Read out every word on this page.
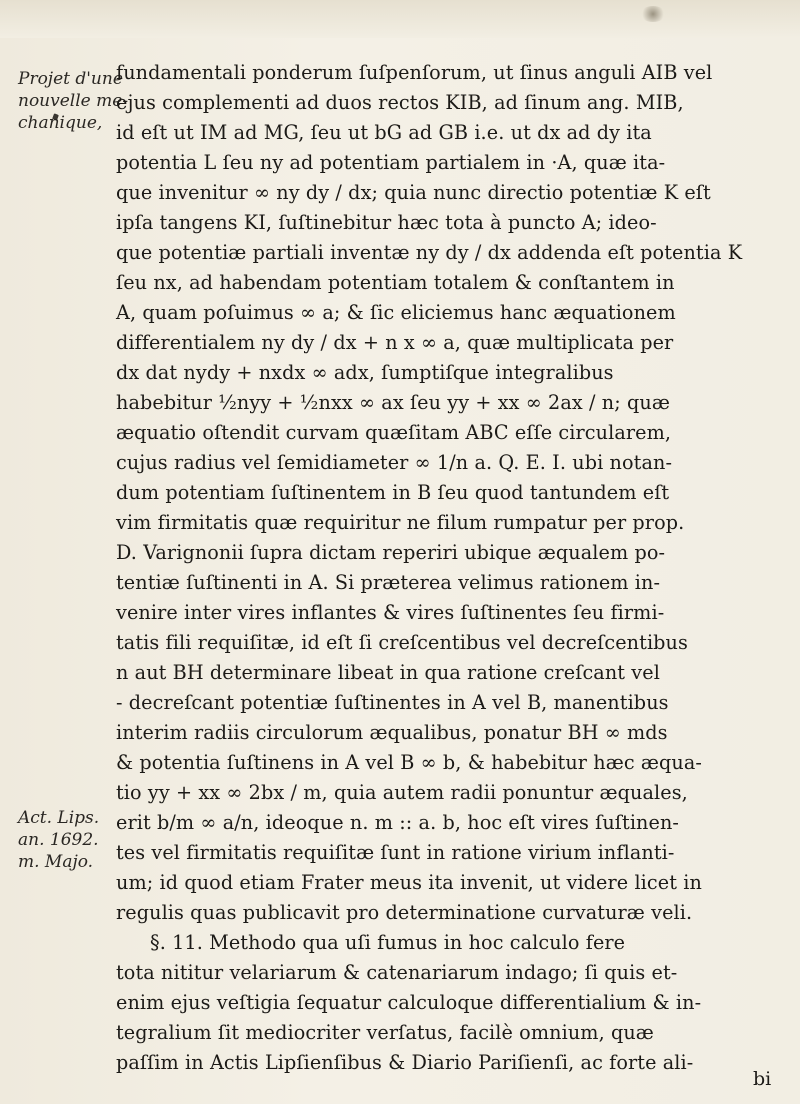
Projet d'une
nouvelle me-
chanique,
Act. Lips.
an. 1692.
m. Majo.
fundamentali ponderum ſuſpenſorum, ut ſinus anguli AIB vel
ejus complementi ad duos rectos KIB, ad ſinum ang. MIB,
id eſt ut IM ad MG, ſeu ut bG ad GB i.e. ut dx ad dy ita
potentia L ſeu ny ad potentiam partialem in ·A, quæ ita-
que invenitur ∞ ny dy / dx; quia nunc directio potentiæ K eſt
ipſa tangens KI, ſuſtinebitur hæc tota à puncto A; ideo-
que potentiæ partiali inventæ ny dy / dx addenda eſt potentia K
ſeu nx, ad habendam potentiam totalem & conſtantem in
A, quam poſuimus ∞ a; & ſic eliciemus hanc æquationem
differentialem ny dy / dx + n x ∞ a, quæ multiplicata per
dx dat nydy + nxdx ∞ adx, ſumptiſque integralibus
habebitur ½nyy + ½nxx ∞ ax ſeu yy + xx ∞ 2ax / n; quæ
æquatio oſtendit curvam quæſitam ABC eſſe circularem,
cujus radius vel ſemidiameter ∞ 1/n a. Q. E. I. ubi notan-
dum potentiam ſuſtinentem in B ſeu quod tantundem eſt
vim firmitatis quæ requiritur ne filum rumpatur per prop.
D. Varignonii ſupra dictam reperiri ubique æqualem po-
tentiæ ſuſtinenti in A. Si præterea velimus rationem in-
venire inter vires inflantes & vires ſuſtinentes ſeu firmi-
tatis fili requiſitæ, id eſt ſi creſcentibus vel decreſcentibus
n aut BH determinare libeat in qua ratione creſcant vel
- decreſcant potentiæ ſuſtinentes in A vel B, manentibus
interim radiis circulorum æqualibus, ponatur BH ∞ mds
& potentia ſuſtinens in A vel B ∞ b, & habebitur hæc æqua-
tio yy + xx ∞ 2bx / m, quia autem radii ponuntur æquales,
erit b/m ∞ a/n, ideoque n. m :: a. b, hoc eſt vires ſuſtinen-
tes vel firmitatis requiſitæ ſunt in ratione virium inflanti-
um; id quod etiam Frater meus ita invenit, ut videre licet in
regulis quas publicavit pro determinatione curvaturæ veli.
§. 11. Methodo qua uſi fumus in hoc calculo fere
tota nititur velariarum & catenariarum indago; ſi quis et-
enim ejus veſtigia ſequatur calculoque differentialium & in-
tegralium ſit mediocriter verſatus, facilè omnium, quæ
paſſim in Actis Lipſienſibus & Diario Pariſienſi, ac forte ali-
bi
